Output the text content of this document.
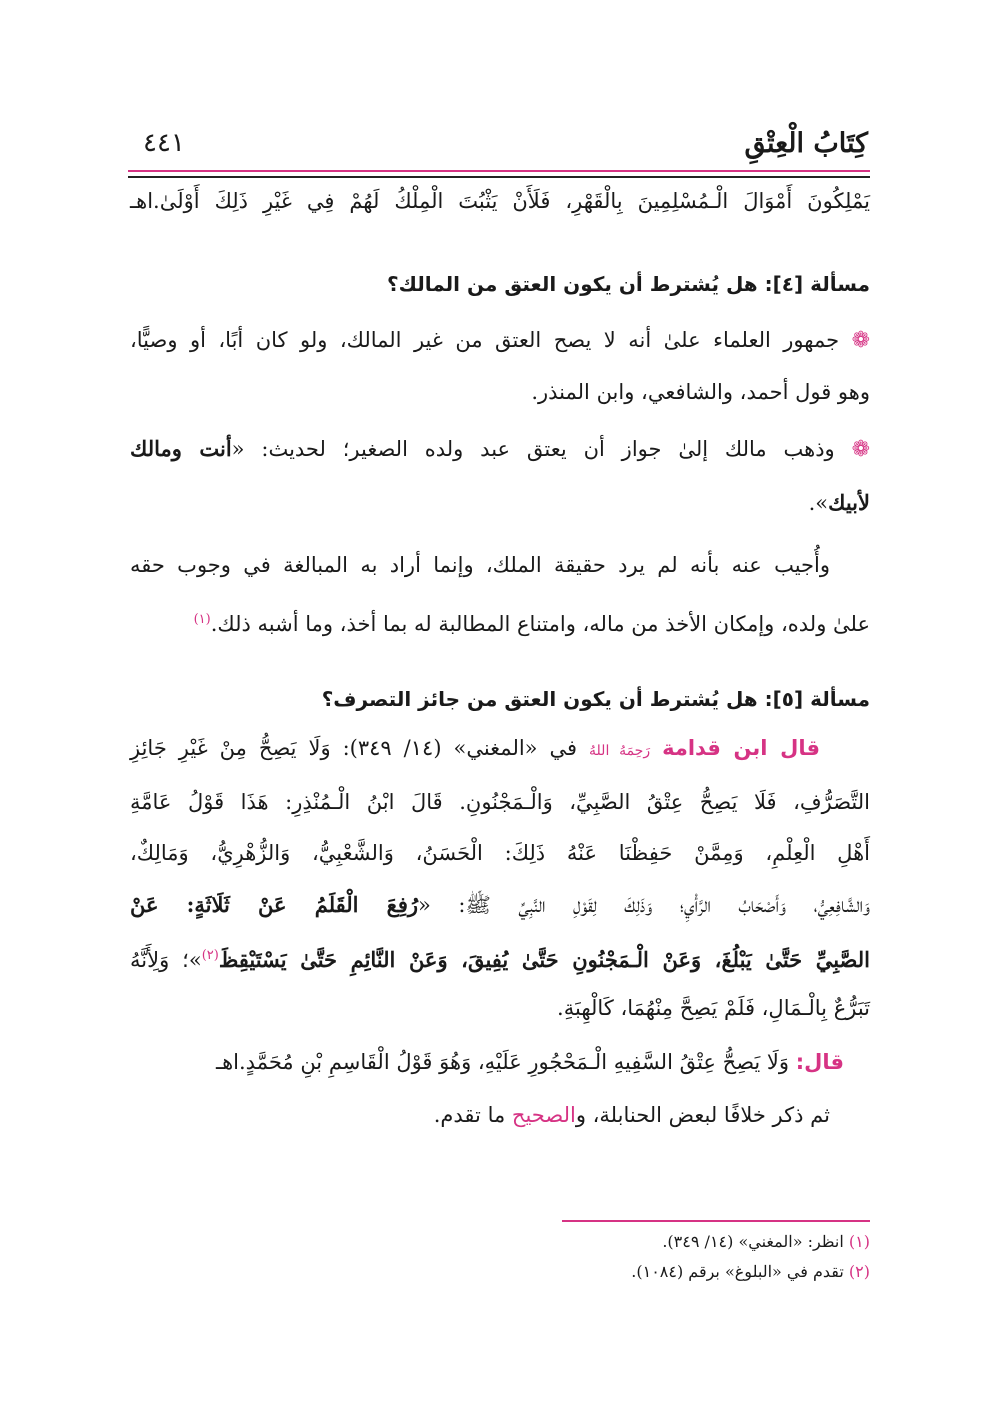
كِتَابُ الْعِتْقِ
٤٤١
يَمْلِكُونَ أَمْوَالَ الْـمُسْلِمِينَ بِالْقَهْرِ، فَلَأَنْ يَثْبُتَ الْمِلْكُ لَهُمْ فِي غَيْرِ ذَلِكَ أَوْلَىٰ.اهـ
مسألة [٤]: هل يُشترط أن يكون العتق من المالك؟
❁ جمهور العلماء علىٰ أنه لا يصح العتق من غير المالك، ولو كان أبًا، أو وصيًّا،
وهو قول أحمد، والشافعي، وابن المنذر.
❁ وذهب مالك إلىٰ جواز أن يعتق عبد ولده الصغير؛ لحديث: «أنت ومالك
لأبيك».
وأُجيب عنه بأنه لم يرد حقيقة الملك، وإنما أراد به المبالغة في وجوب حقه
علىٰ ولده، وإمكان الأخذ من ماله، وامتناع المطالبة له بما أخذ، وما أشبه ذلك.$^{(١)}$
مسألة [٥]: هل يُشترط أن يكون العتق من جائز التصرف؟
قال ابن قدامة رَحِمَهُ اللهُ في «المغني» (١٤/ ٣٤٩): وَلَا يَصِحُّ مِنْ غَيْرِ جَائِزِ
التَّصَرُّفِ، فَلَا يَصِحُّ عِتْقُ الصَّبِيِّ، وَالْـمَجْنُونِ. قَالَ ابْنُ الْـمُنْذِرِ: هَذَا قَوْلُ عَامَّةِ
أَهْلِ الْعِلْمِ، وَمِمَّنْ حَفِظْنَا عَنْهُ ذَلِكَ: الْحَسَنُ، وَالشَّعْبِيُّ، وَالزُّهْرِيُّ، وَمَالِكٌ،
وَالشَّافِعِيُّ، وَأَصْحَابُ الرَّأْيِ؛ وَذَلِكَ لِقَوْلِ النَّبِيِّ ﷺ: «رُفِعَ الْقَلَمُ عَنْ ثَلَاثَةٍ: عَنْ
الصَّبِيِّ حَتَّىٰ يَبْلُغَ، وَعَنْ الْـمَجْنُونِ حَتَّىٰ يُفِيقَ، وَعَنْ النَّائِمِ حَتَّىٰ يَسْتَيْقِظَ$^{(٢)}$»؛ وَلِأَنَّهُ
تَبَرُّعٌ بِالْـمَالِ، فَلَمْ يَصِحَّ مِنْهُمَا، كَالْهِبَةِ.
قال: وَلَا يَصِحُّ عِتْقُ السَّفِيهِ الْـمَحْجُورِ عَلَيْهِ، وَهُوَ قَوْلُ الْقَاسِمِ بْنِ مُحَمَّدٍ.اهـ
ثم ذكر خلافًا لبعض الحنابلة، والصحيح ما تقدم.
(١) انظر: «المغني» (١٤/ ٣٤٩).
(٢) تقدم في «البلوغ» برقم (١٠٨٤).
